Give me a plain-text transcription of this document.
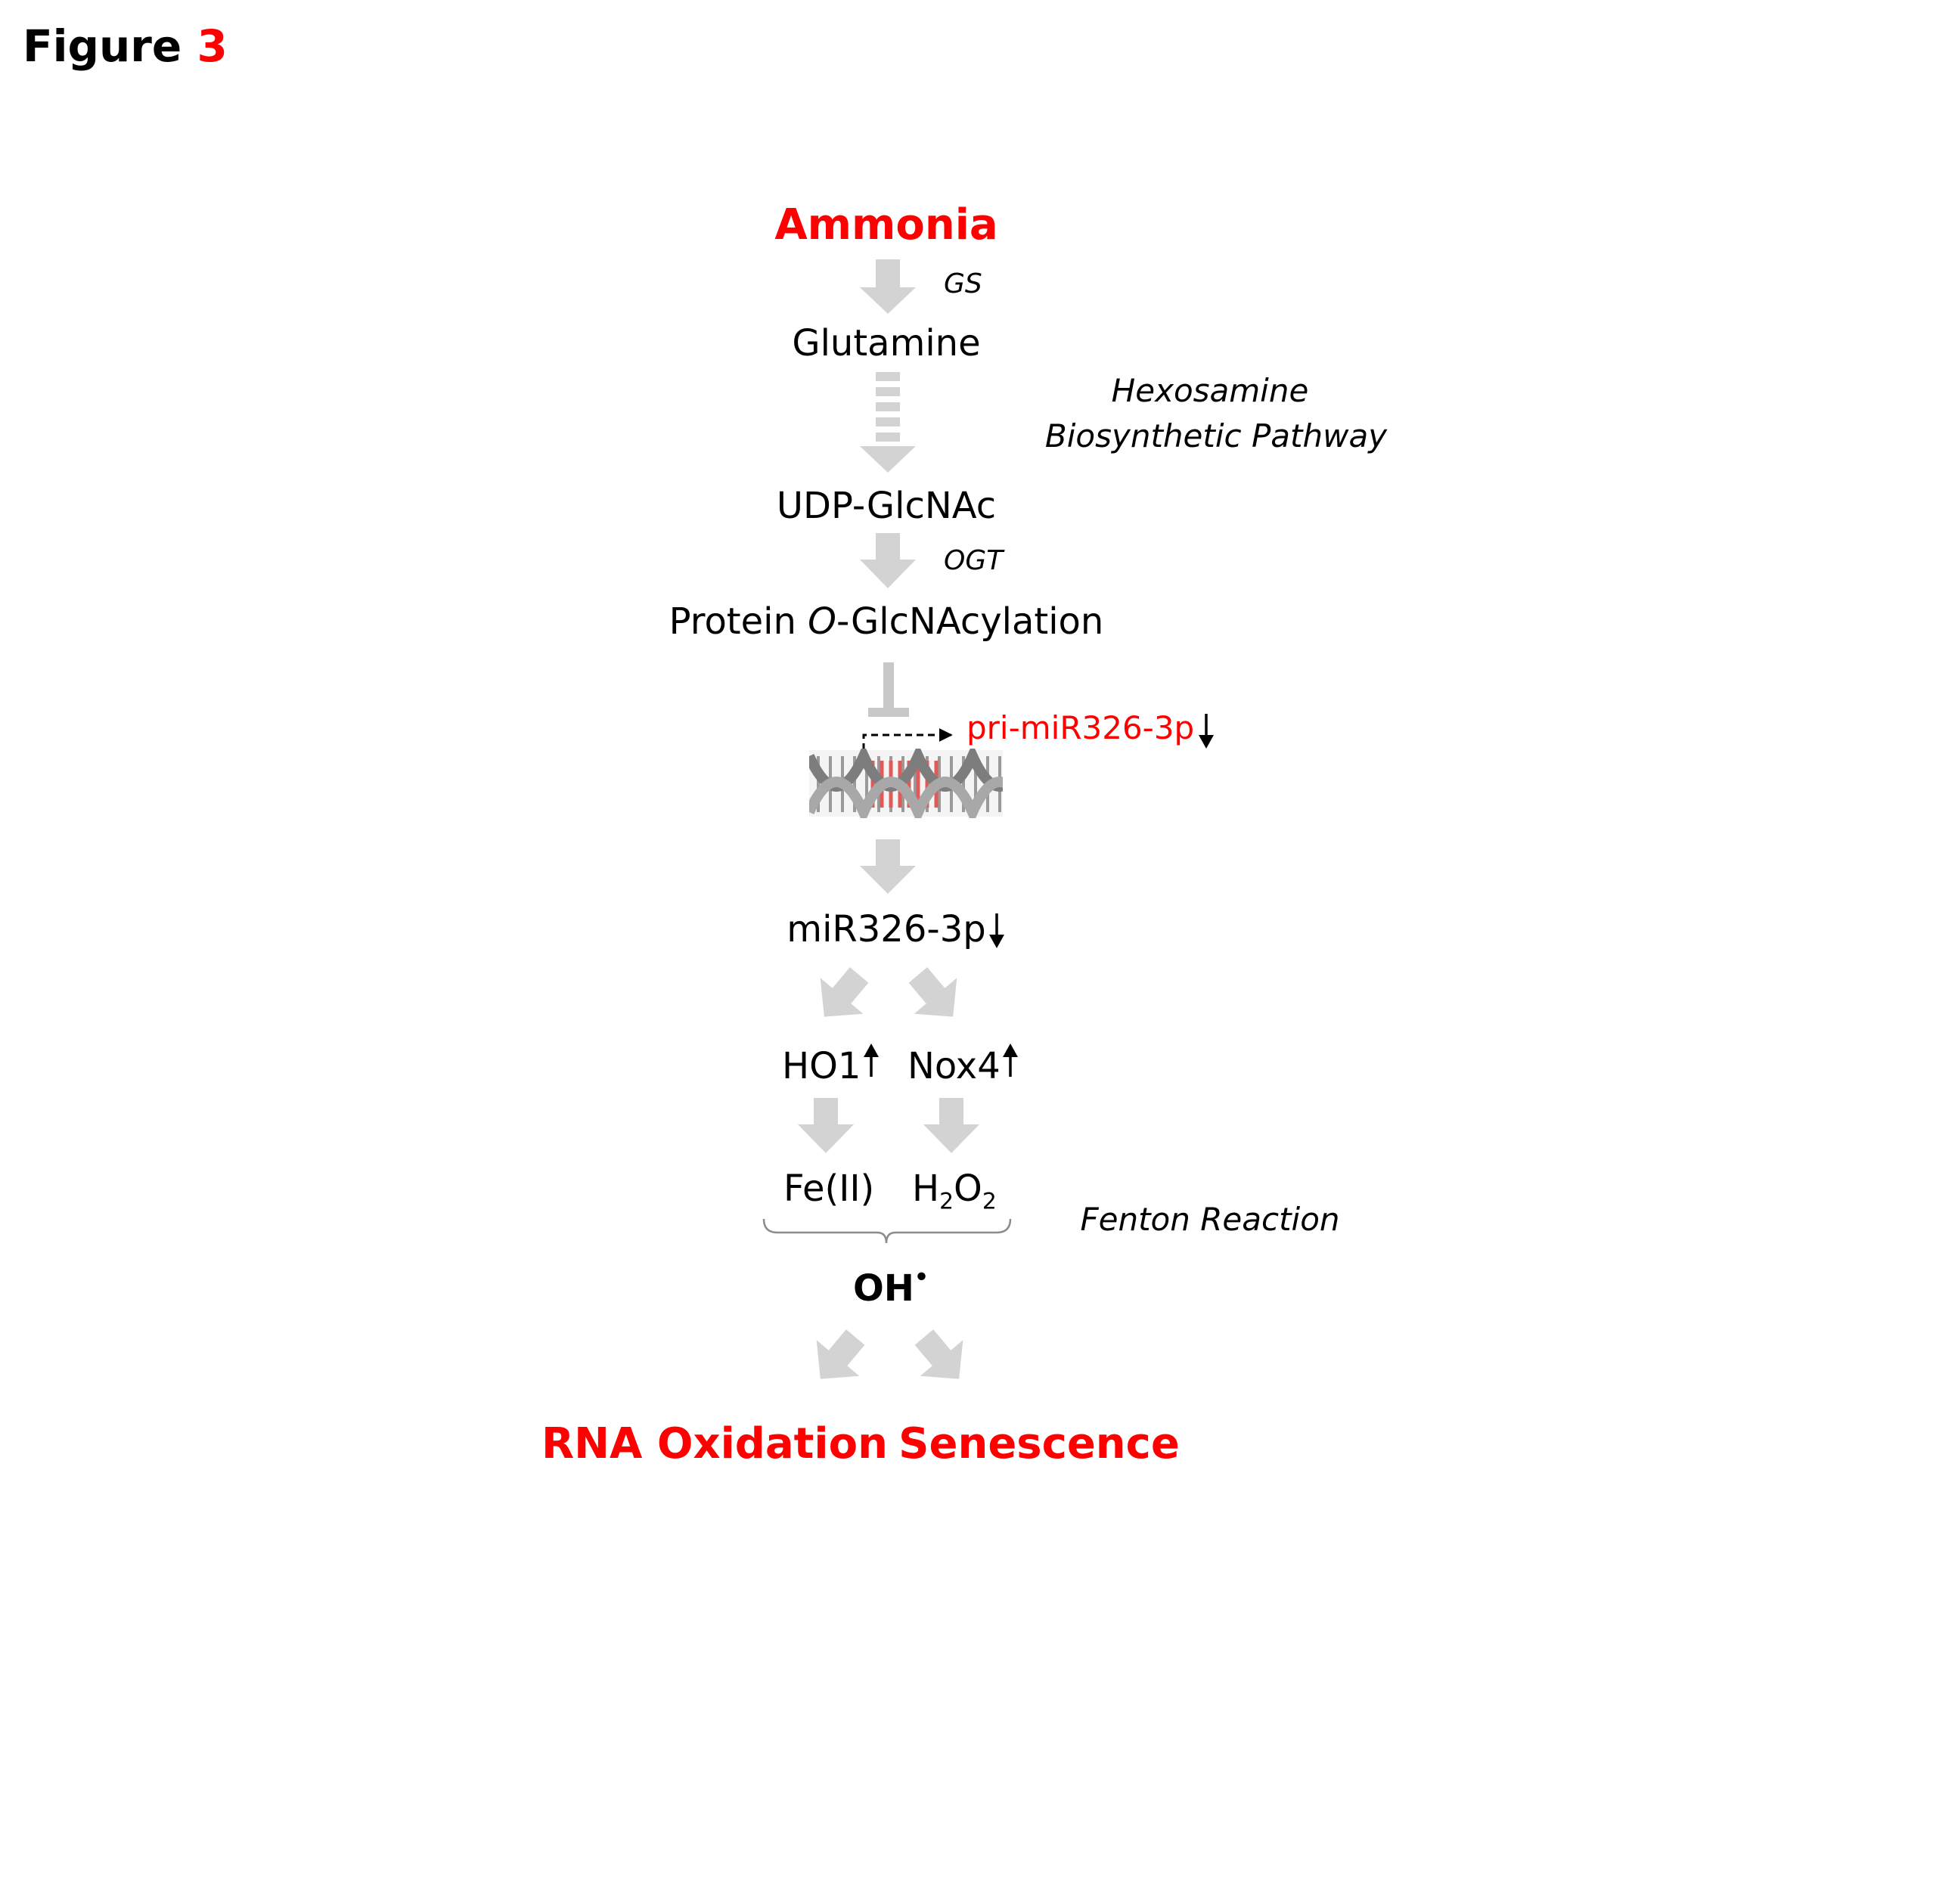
Figure 3
Ammonia
GS
Glutamine
Hexosamine
Biosynthetic Pathway
UDP-GlcNAc
OGT
Protein O-GlcNAcylation
pri-miR326-3p
miR326-3p
HO1 Nox4
Fe(II) $H_2O_2$	Fenton Reaction
OH•
RNA Oxidation Senescence
